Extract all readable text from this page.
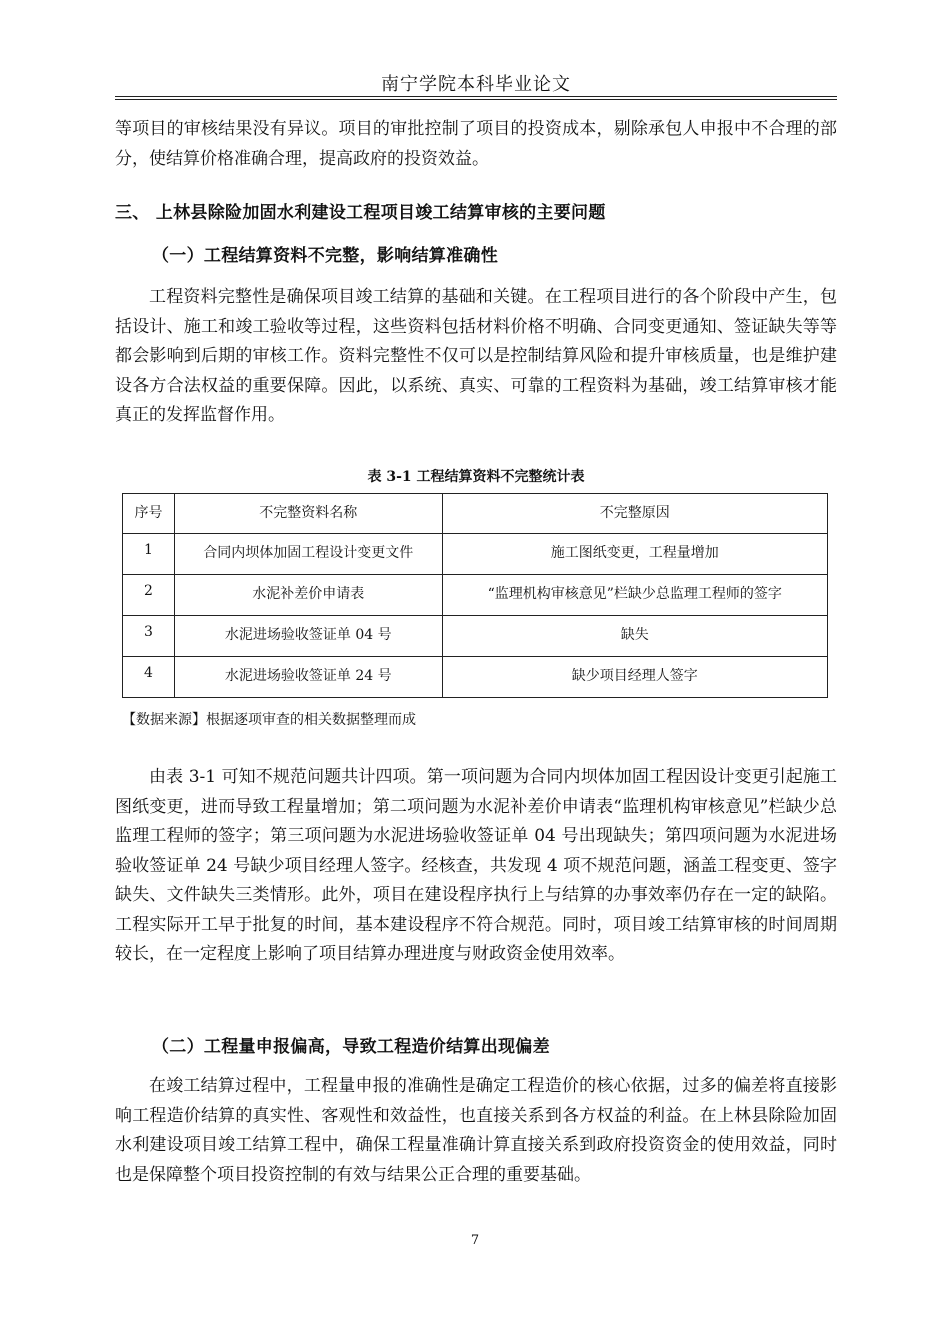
南宁学院本科毕业论文
等项目的审核结果没有异议。项目的审批控制了项目的投资成本，剔除承包人申报中不合理的部分，使结算价格准确合理，提高政府的投资效益。
三、 上林县除险加固水利建设工程项目竣工结算审核的主要问题
（一）工程结算资料不完整，影响结算准确性
工程资料完整性是确保项目竣工结算的基础和关键。在工程项目进行的各个阶段中产生，包括设计、施工和竣工验收等过程，这些资料包括材料价格不明确、合同变更通知、签证缺失等等都会影响到后期的审核工作。资料完整性不仅可以是控制结算风险和提升审核质量，也是维护建设各方合法权益的重要保障。因此，以系统、真实、可靠的工程资料为基础，竣工结算审核才能真正的发挥监督作用。
表 3-1 工程结算资料不完整统计表
序号	不完整资料名称	不完整原因
1	合同内坝体加固工程设计变更文件	施工图纸变更，工程量增加
2	水泥补差价申请表	“监理机构审核意见”栏缺少总监理工程师的签字
3	水泥进场验收签证单 04 号	缺失
4	水泥进场验收签证单 24 号	缺少项目经理人签字
【数据来源】根据逐项审查的相关数据整理而成
由表 3-1 可知不规范问题共计四项。第一项问题为合同内坝体加固工程因设计变更引起施工图纸变更，进而导致工程量增加；第二项问题为水泥补差价申请表“监理机构审核意见”栏缺少总监理工程师的签字；第三项问题为水泥进场验收签证单 04 号出现缺失；第四项问题为水泥进场验收签证单 24 号缺少项目经理人签字。经核查，共发现 4 项不规范问题，涵盖工程变更、签字缺失、文件缺失三类情形。此外，项目在建设程序执行上与结算的办事效率仍存在一定的缺陷。工程实际开工早于批复的时间，基本建设程序不符合规范。同时，项目竣工结算审核的时间周期较长，在一定程度上影响了项目结算办理进度与财政资金使用效率。
（二）工程量申报偏高，导致工程造价结算出现偏差
在竣工结算过程中，工程量申报的准确性是确定工程造价的核心依据，过多的偏差将直接影响工程造价结算的真实性、客观性和效益性，也直接关系到各方权益的利益。在上林县除险加固水利建设项目竣工结算工程中，确保工程量准确计算直接关系到政府投资资金的使用效益，同时也是保障整个项目投资控制的有效与结果公正合理的重要基础。
7
